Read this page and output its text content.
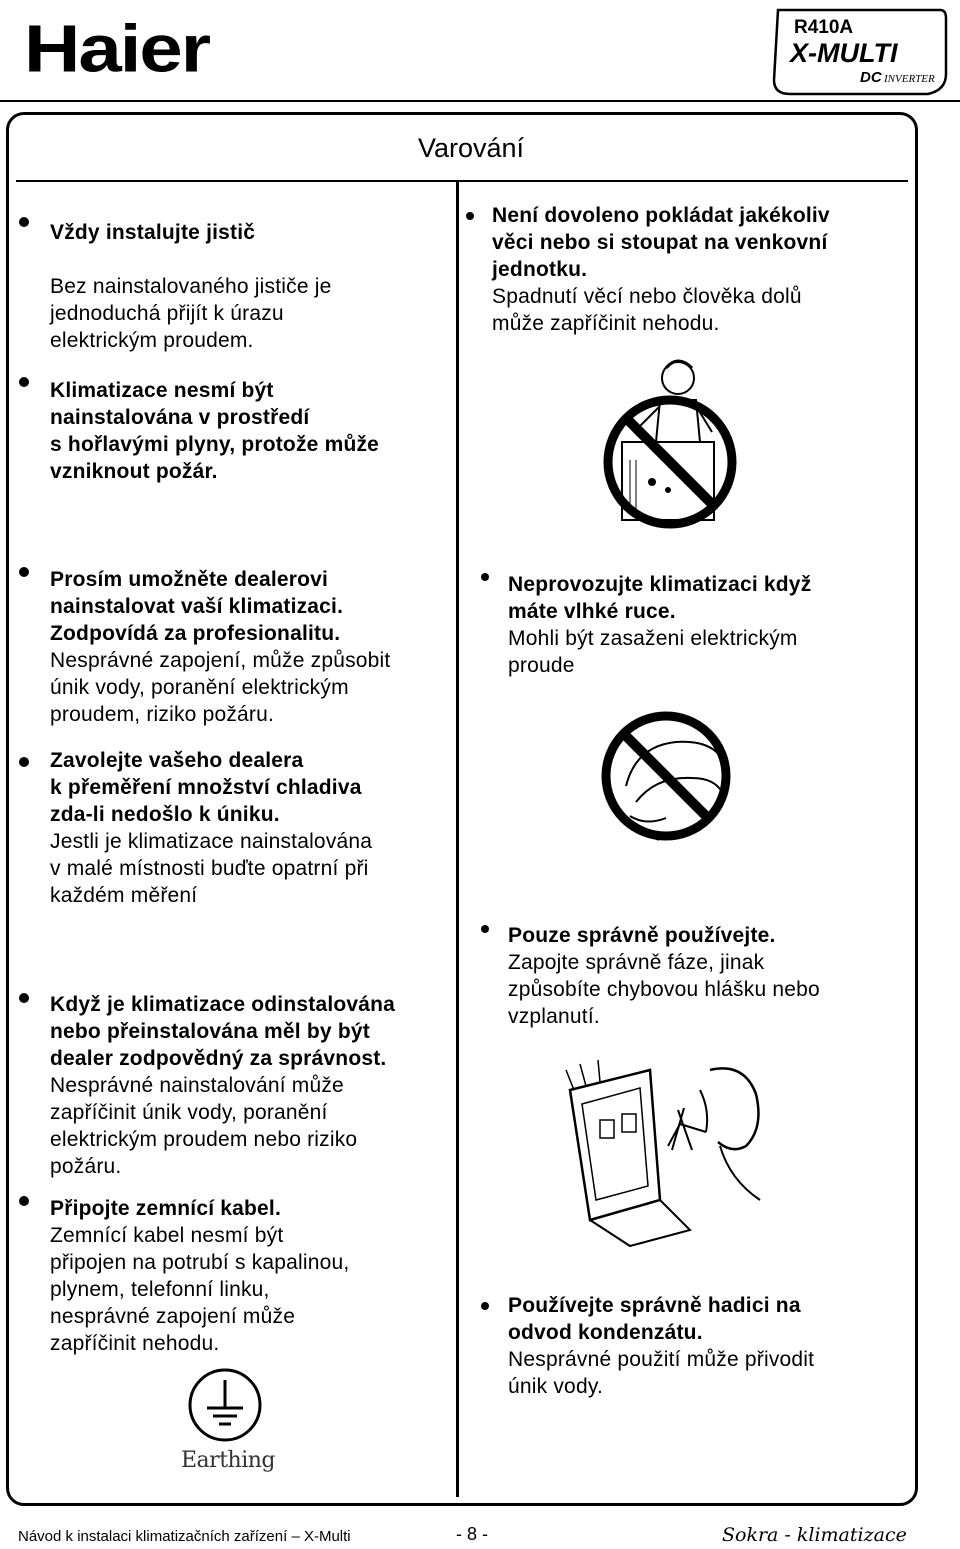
Haier	R410A
X-MULTI
DC INVERTER
Varování
Vždy instalujte jistič

Bez nainstalovaného jističe je
jednoduchá přijít k úrazu
elektrickým proudem.
Klimatizace nesmí být
nainstalována v prostředí
s hořlavými plyny, protože může
vzniknout požár.
Prosím umožněte dealerovi
nainstalovat vaší klimatizaci.
Zodpovídá za profesionalitu.
Nesprávné zapojení, může způsobit
únik vody, poranění elektrickým
proudem, riziko požáru.
Zavolejte vašeho dealera
k přeměření množství chladiva
zda-li nedošlo k úniku.
Jestli je klimatizace nainstalována
v malé místnosti buďte opatrní při
každém měření
Když je klimatizace odinstalována
nebo přeinstalována měl by být
dealer zodpovědný za správnost.
Nesprávné nainstalování může
zapříčinit únik vody, poranění
elektrickým proudem nebo riziko
požáru.
Připojte zemnící kabel.
Zemnící kabel nesmí být
připojen na potrubí s kapalinou,
plynem, telefonní linku,
nesprávné zapojení může
zapříčinit nehodu.
Earthing
Není dovoleno pokládat jakékoliv
věci nebo si stoupat na venkovní
jednotku.
Spadnutí věcí nebo člověka dolů
může zapříčinit nehodu.
Neprovozujte klimatizaci když
máte vlhké ruce.
Mohli být zasaženi elektrickým
proude
Pouze správně používejte.
Zapojte správně fáze, jinak
způsobíte chybovou hlášku nebo
vzplanutí.
Používejte správně hadici na
odvod kondenzátu.
Nesprávné použití může přivodit
únik vody.
Návod k instalaci klimatizačních zařízení – X-Multi	- 8 -	Sokra - klimatizace
